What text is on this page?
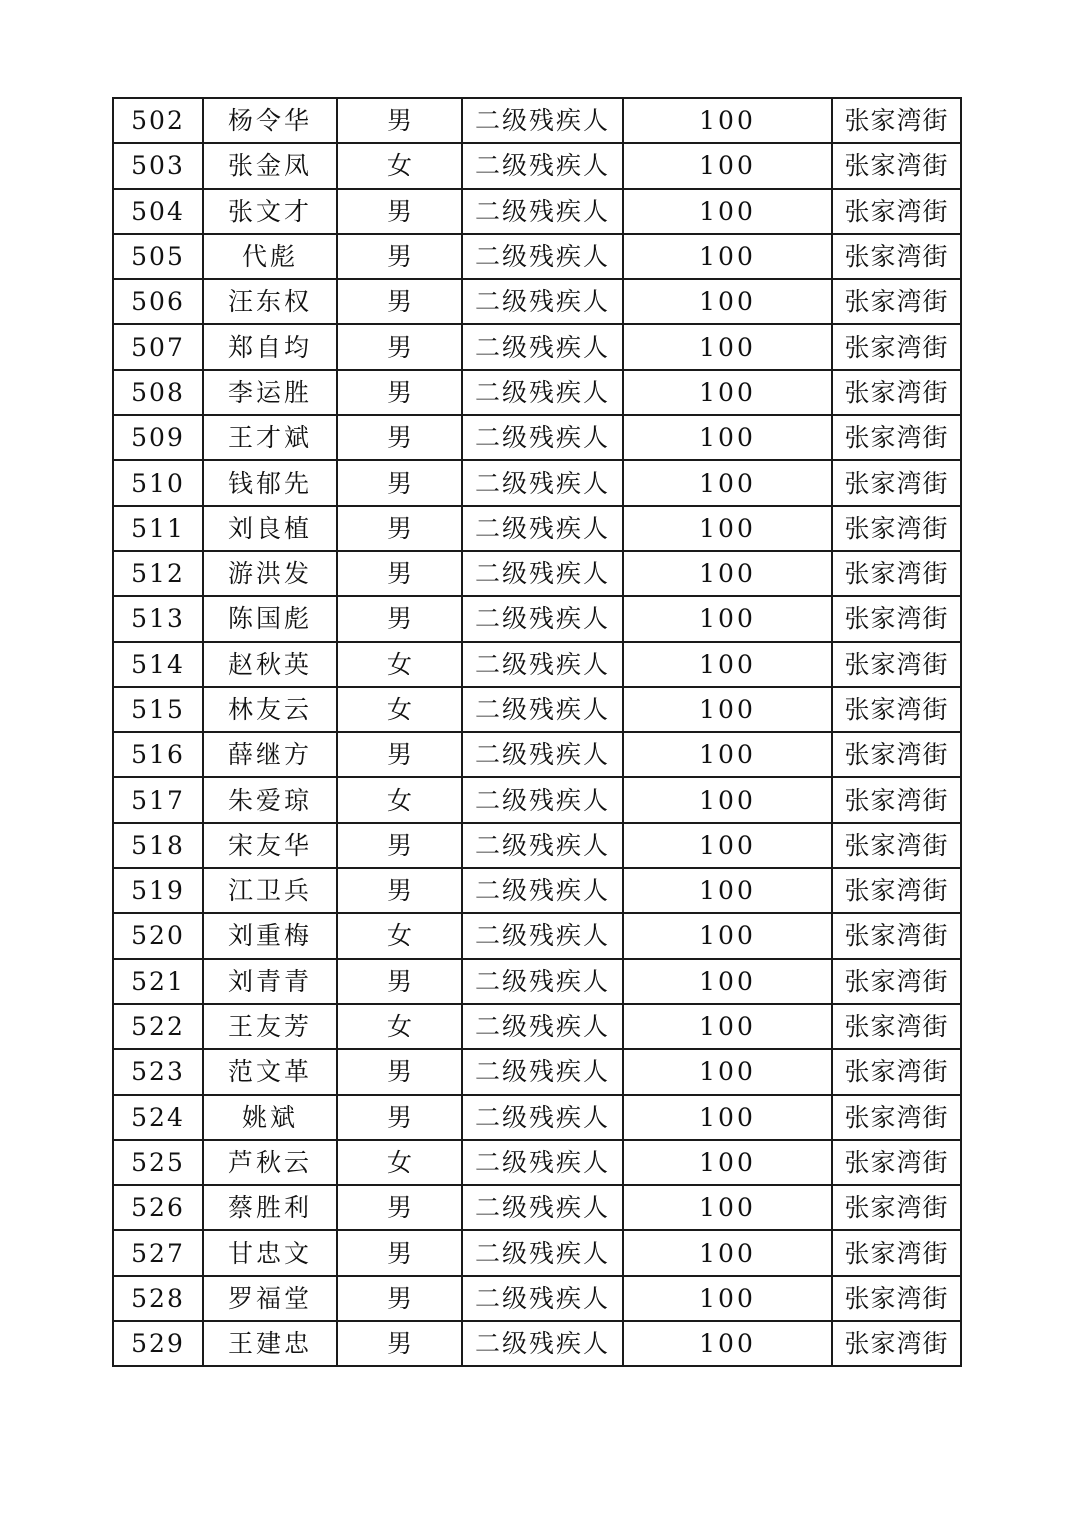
502	杨令华	男	二级残疾人	100	张家湾街
503	张金凤	女	二级残疾人	100	张家湾街
504	张文才	男	二级残疾人	100	张家湾街
505	代彪	男	二级残疾人	100	张家湾街
506	汪东权	男	二级残疾人	100	张家湾街
507	郑自均	男	二级残疾人	100	张家湾街
508	李运胜	男	二级残疾人	100	张家湾街
509	王才斌	男	二级残疾人	100	张家湾街
510	钱郁先	男	二级残疾人	100	张家湾街
511	刘良植	男	二级残疾人	100	张家湾街
512	游洪发	男	二级残疾人	100	张家湾街
513	陈国彪	男	二级残疾人	100	张家湾街
514	赵秋英	女	二级残疾人	100	张家湾街
515	林友云	女	二级残疾人	100	张家湾街
516	薛继方	男	二级残疾人	100	张家湾街
517	朱爱琼	女	二级残疾人	100	张家湾街
518	宋友华	男	二级残疾人	100	张家湾街
519	江卫兵	男	二级残疾人	100	张家湾街
520	刘重梅	女	二级残疾人	100	张家湾街
521	刘青青	男	二级残疾人	100	张家湾街
522	王友芳	女	二级残疾人	100	张家湾街
523	范文革	男	二级残疾人	100	张家湾街
524	姚斌	男	二级残疾人	100	张家湾街
525	芦秋云	女	二级残疾人	100	张家湾街
526	蔡胜利	男	二级残疾人	100	张家湾街
527	甘忠文	男	二级残疾人	100	张家湾街
528	罗福堂	男	二级残疾人	100	张家湾街
529	王建忠	男	二级残疾人	100	张家湾街
